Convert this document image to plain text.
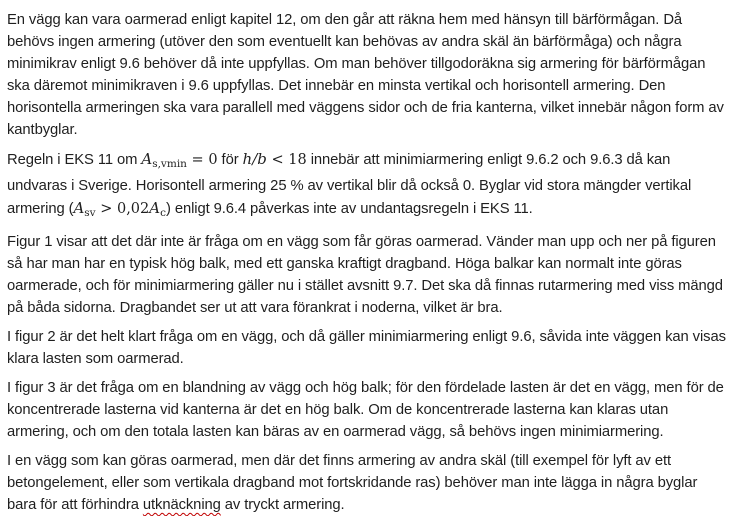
En vägg kan vara oarmerad enligt kapitel 12, om den går att räkna hem med hänsyn till bärförmågan. Då behövs ingen armering (utöver den som eventuellt kan behövas av andra skäl än bärförmåga) och några minimikrav enligt 9.6 behöver då inte uppfyllas. Om man behöver tillgodoräkna sig armering för bärförmågan ska däremot minimikraven i 9.6 uppfyllas. Det innebär en minsta vertikal och horisontell armering. Den horisontella armeringen ska vara parallell med väggens sidor och de fria kanterna, vilket innebär någon form av kantbyglar.

Regeln i EKS 11 om $A_{s,vmin} = 0$ för h/b < 18 innebär att minimiarmering enligt 9.6.2 och 9.6.3 då kan undvaras i Sverige. Horisontell armering 25 % av vertikal blir då också 0. Byglar vid stora mängder vertikal armering $(A_{sv} > 0,02A_c)$ enligt 9.6.4 påverkas inte av undantagsregeln i EKS 11.

Figur 1 visar att det där inte är fråga om en vägg som får göras oarmerad. Vänder man upp och ner på figuren så har man har en typisk hög balk, med ett ganska kraftigt dragband. Höga balkar kan normalt inte göras oarmerade, och för minimiarmering gäller nu i stället avsnitt 9.7. Det ska då finnas rutarmering med viss mängd på båda sidorna. Dragbandet ser ut att vara förankrat i noderna, vilket är bra.

I figur 2 är det helt klart fråga om en vägg, och då gäller minimiarmering enligt 9.6, såvida inte väggen kan visas klara lasten som oarmerad.

I figur 3 är det fråga om en blandning av vägg och hög balk; för den fördelade lasten är det en vägg, men för de koncentrerade lasterna vid kanterna är det en hög balk. Om de koncentrerade lasterna kan klaras utan armering, och om den totala lasten kan bäras av en oarmerad vägg, så behövs ingen minimiarmering.

I en vägg som kan göras oarmerad, men där det finns armering av andra skäl (till exempel för lyft av ett betongelement, eller som vertikala dragband mot fortskridande ras) behöver man inte lägga in några byglar bara för att förhindra utknäckning av tryckt armering.
